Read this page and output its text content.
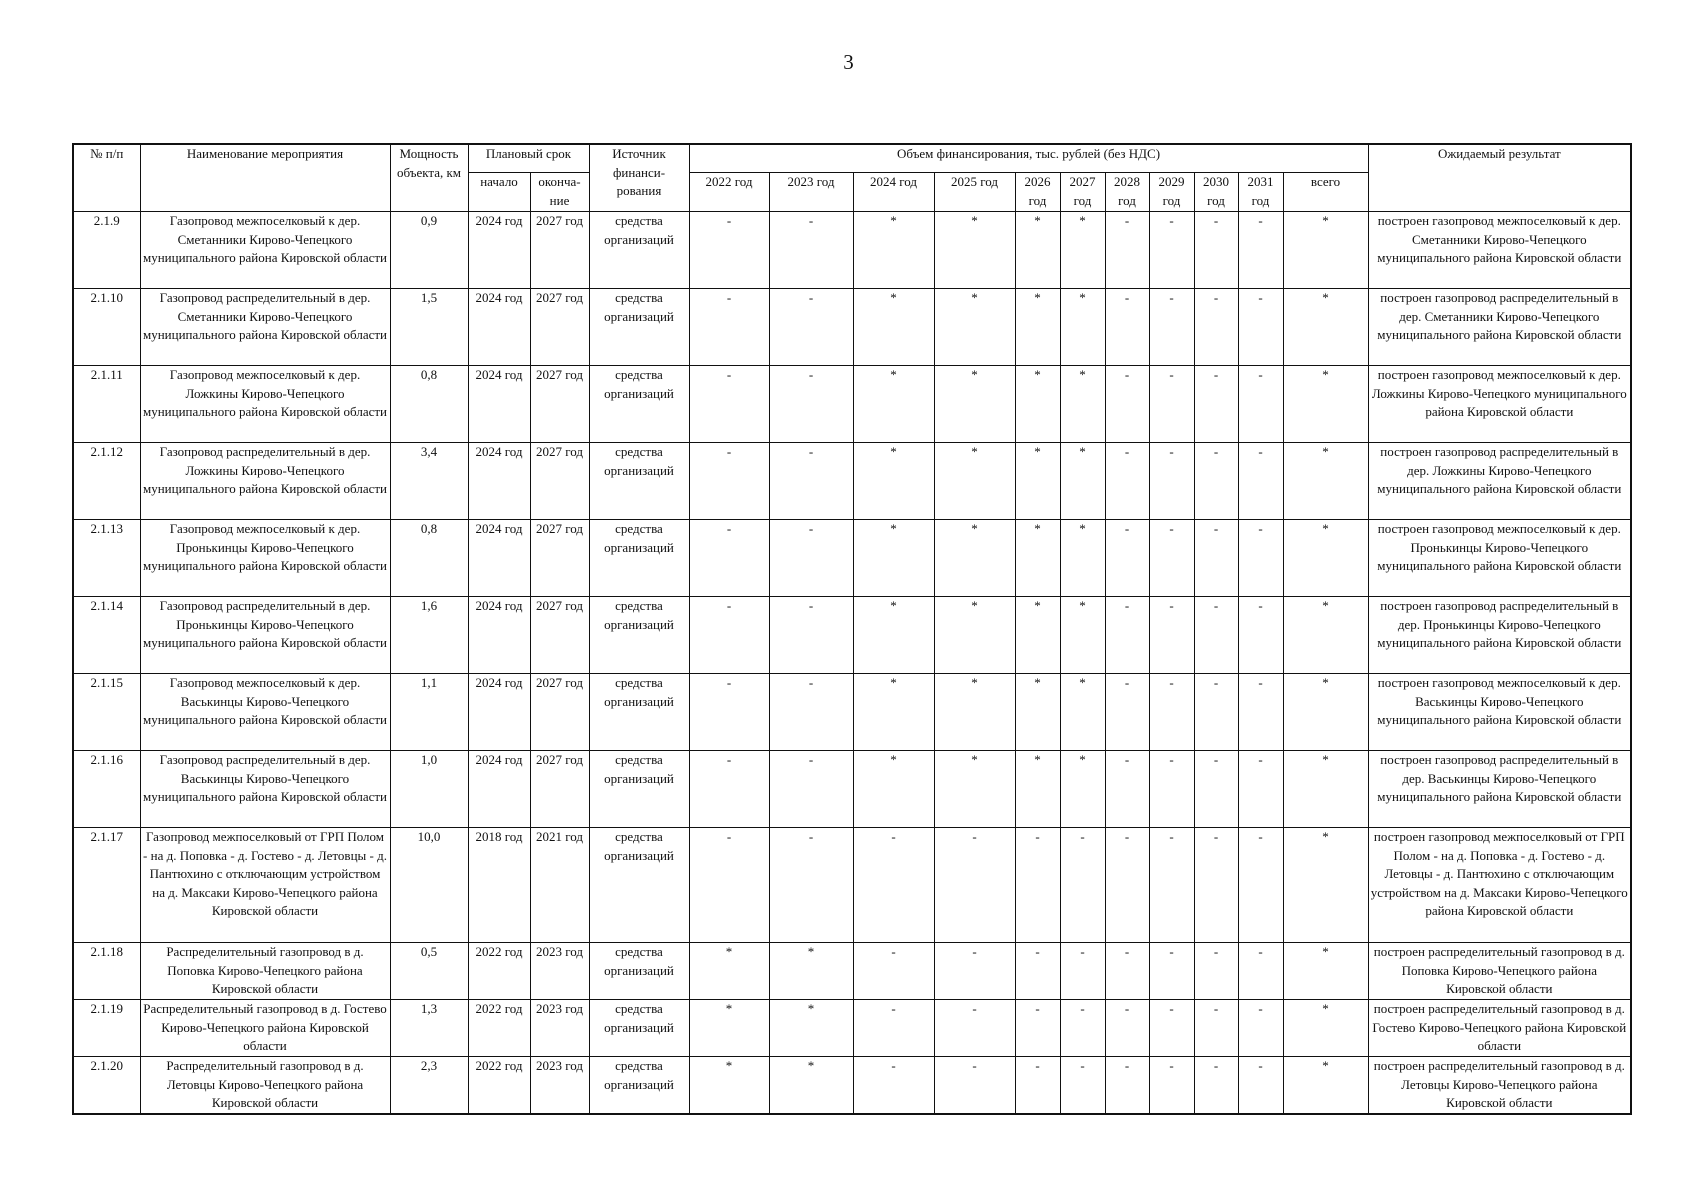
3
№ п/п	Наименование мероприятия	Мощность объекта, км	Плановый срок		Источник финанси-рования	Объем финансирования, тыс. рублей (без НДС)											Ожидаемый результат
			начало	оконча-ние		2022 год	2023 год	2024 год	2025 год	2026 год	2027 год	2028 год	2029 год	2030 год	2031 год	всего	
2.1.9	Газопровод межпоселковый к дер. Сметанники Кирово-Чепецкого муниципального района Кировской области	0,9	2024 год	2027 год	средства организаций	-	-	*	*	*	*	-	-	-	-	*	построен газопровод межпоселковый к дер. Сметанники Кирово-Чепецкого муниципального района Кировской области
2.1.10	Газопровод распределительный в дер. Сметанники Кирово-Чепецкого муниципального района Кировской области	1,5	2024 год	2027 год	средства организаций	-	-	*	*	*	*	-	-	-	-	*	построен газопровод распределительный в дер. Сметанники Кирово-Чепецкого муниципального района Кировской области
2.1.11	Газопровод межпоселковый к дер. Ложкины Кирово-Чепецкого муниципального района Кировской области	0,8	2024 год	2027 год	средства организаций	-	-	*	*	*	*	-	-	-	-	*	построен газопровод межпоселковый к дер. Ложкины Кирово-Чепецкого муниципального района Кировской области
2.1.12	Газопровод распределительный в дер. Ложкины Кирово-Чепецкого муниципального района Кировской области	3,4	2024 год	2027 год	средства организаций	-	-	*	*	*	*	-	-	-	-	*	построен газопровод распределительный в дер. Ложкины Кирово-Чепецкого муниципального района Кировской области
2.1.13	Газопровод межпоселковый к дер. Пронькинцы Кирово-Чепецкого муниципального района Кировской области	0,8	2024 год	2027 год	средства организаций	-	-	*	*	*	*	-	-	-	-	*	построен газопровод межпоселковый к дер. Пронькинцы Кирово-Чепецкого муниципального района Кировской области
2.1.14	Газопровод распределительный в дер. Пронькинцы Кирово-Чепецкого муниципального района Кировской области	1,6	2024 год	2027 год	средства организаций	-	-	*	*	*	*	-	-	-	-	*	построен газопровод распределительный в дер. Пронькинцы Кирово-Чепецкого муниципального района Кировской области
2.1.15	Газопровод межпоселковый к дер. Васькинцы Кирово-Чепецкого муниципального района Кировской области	1,1	2024 год	2027 год	средства организаций	-	-	*	*	*	*	-	-	-	-	*	построен газопровод межпоселковый к дер. Васькинцы Кирово-Чепецкого муниципального района Кировской области
2.1.16	Газопровод распределительный в дер. Васькинцы Кирово-Чепецкого муниципального района Кировской области	1,0	2024 год	2027 год	средства организаций	-	-	*	*	*	*	-	-	-	-	*	построен газопровод распределительный в дер. Васькинцы Кирово-Чепецкого муниципального района Кировской области
2.1.17	Газопровод межпоселковый от ГРП Полом - на д. Поповка - д. Гостево - д. Летовцы - д. Пантюхино с отключающим устройством на д. Максаки Кирово-Чепецкого района Кировской области	10,0	2018 год	2021 год	средства организаций	-	-	-	-	-	-	-	-	-	-	*	построен газопровод межпоселковый от ГРП Полом - на д. Поповка - д. Гостево - д. Летовцы - д. Пантюхино с отключающим устройством на д. Максаки Кирово-Чепецкого района Кировской области
2.1.18	Распределительный газопровод в д. Поповка Кирово-Чепецкого района Кировской области	0,5	2022 год	2023 год	средства организаций	*	*	-	-	-	-	-	-	-	-	*	построен распределительный газопровод в д. Поповка Кирово-Чепецкого района Кировской области
2.1.19	Распределительный газопровод в д. Гостево Кирово-Чепецкого района Кировской области	1,3	2022 год	2023 год	средства организаций	*	*	-	-	-	-	-	-	-	-	*	построен распределительный газопровод в д. Гостево Кирово-Чепецкого района Кировской области
2.1.20	Распределительный газопровод в д. Летовцы Кирово-Чепецкого района Кировской области	2,3	2022 год	2023 год	средства организаций	*	*	-	-	-	-	-	-	-	-	*	построен распределительный газопровод в д. Летовцы Кирово-Чепецкого района Кировской области
